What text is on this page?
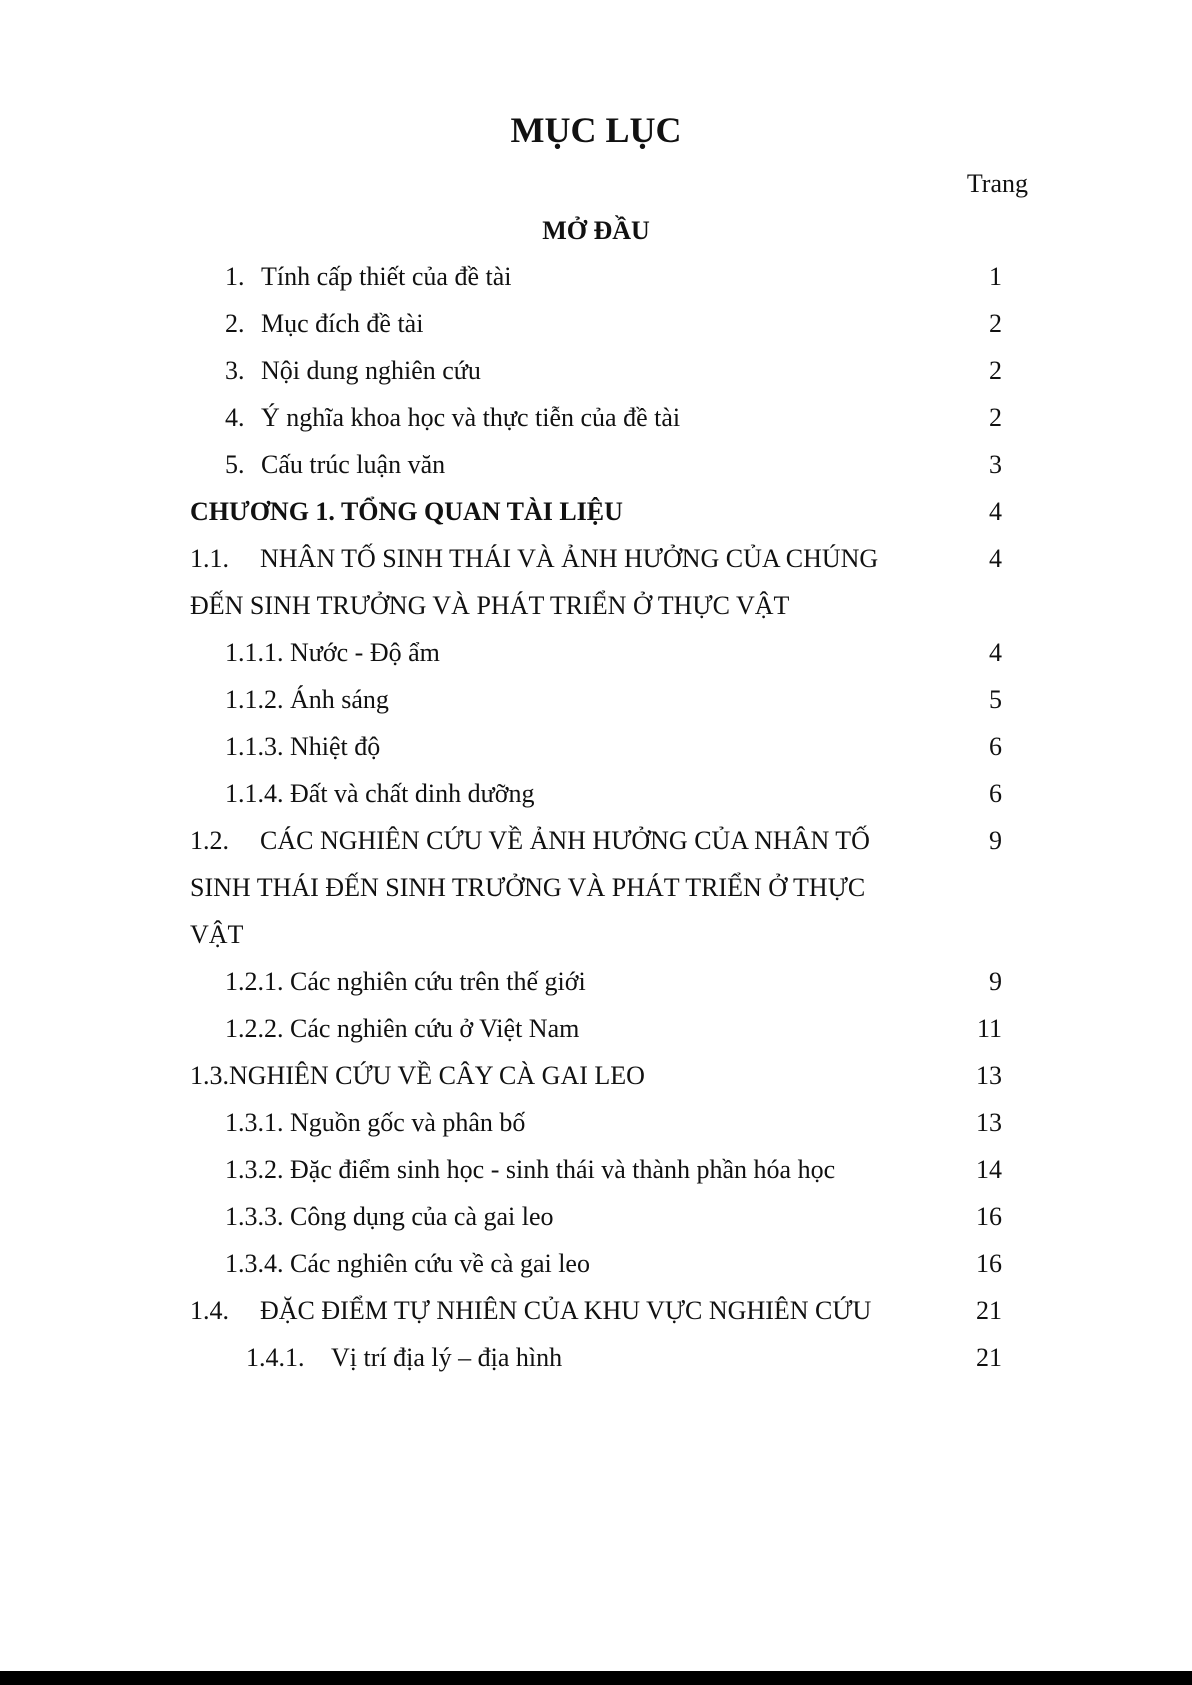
MỤC LỤC
Trang
MỞ ĐẦU
1. Tính cấp thiết của đề tài	1
2. Mục đích đề tài	2
3. Nội dung nghiên cứu	2
4. Ý nghĩa khoa học và thực tiễn của đề tài	2
5. Cấu trúc luận văn	3
CHƯƠNG 1. TỔNG QUAN TÀI LIỆU	4
1.1. NHÂN TỐ SINH THÁI VÀ ẢNH HƯỞNG CỦA CHÚNG	4
ĐẾN SINH TRƯỞNG VÀ PHÁT TRIỂN Ở THỰC VẬT
1.1.1. Nước - Độ ẩm	4
1.1.2. Ánh sáng	5
1.1.3. Nhiệt độ	6
1.1.4. Đất và chất dinh dưỡng	6
1.2. CÁC NGHIÊN CỨU VỀ ẢNH HƯỞNG CỦA NHÂN TỐ	9
SINH THÁI ĐẾN SINH TRƯỞNG VÀ PHÁT TRIỂN Ở THỰC
VẬT
1.2.1. Các nghiên cứu trên thế giới	9
1.2.2. Các nghiên cứu ở Việt Nam	11
1.3.NGHIÊN CỨU VỀ CÂY CÀ GAI LEO	13
1.3.1. Nguồn gốc và phân bố	13
1.3.2. Đặc điểm sinh học - sinh thái và thành phần hóa học	14
1.3.3. Công dụng của cà gai leo	16
1.3.4. Các nghiên cứu về cà gai leo	16
1.4. ĐẶC ĐIỂM TỰ NHIÊN CỦA KHU VỰC NGHIÊN CỨU	21
1.4.1. Vị trí địa lý – địa hình	21
